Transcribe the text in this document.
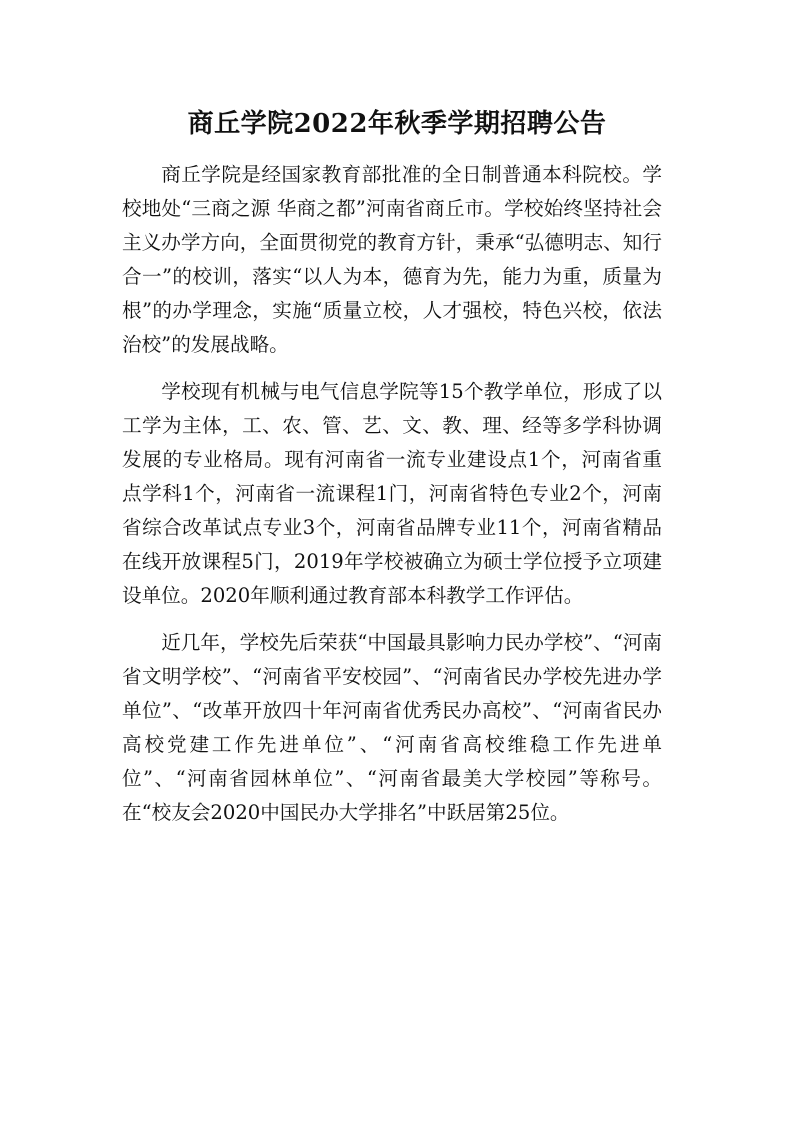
商丘学院2022年秋季学期招聘公告

商丘学院是经国家教育部批准的全日制普通本科院校。学校地处“三商之源 华商之都”河南省商丘市。学校始终坚持社会主义办学方向，全面贯彻党的教育方针，秉承“弘德明志、知行合一”的校训，落实“以人为本，德育为先，能力为重，质量为根”的办学理念，实施“质量立校，人才强校，特色兴校，依法治校”的发展战略。

学校现有机械与电气信息学院等15个教学单位，形成了以工学为主体，工、农、管、艺、文、教、理、经等多学科协调发展的专业格局。现有河南省一流专业建设点1个，河南省重点学科1个，河南省一流课程1门，河南省特色专业2个，河南省综合改革试点专业3个，河南省品牌专业11个，河南省精品在线开放课程5门，2019年学校被确立为硕士学位授予立项建设单位。2020年顺利通过教育部本科教学工作评估。

近几年，学校先后荣获“中国最具影响力民办学校”、“河南省文明学校”、“河南省平安校园”、“河南省民办学校先进办学单位”、“改革开放四十年河南省优秀民办高校”、“河南省民办高校党建工作先进单位”、“河南省高校维稳工作先进单位”、“河南省园林单位”、“河南省最美大学校园”等称号。在“校友会2020中国民办大学排名”中跃居第25位。
